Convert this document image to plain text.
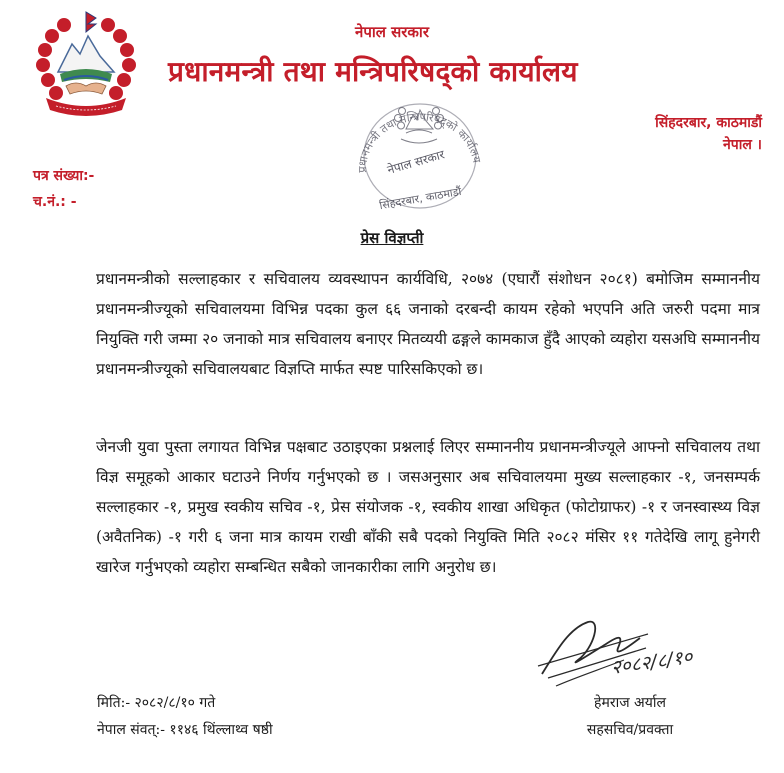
नेपाल सरकार
प्रधानमन्त्री तथा मन्त्रिपरिषद्‌को कार्यालय
सिंहदरबार, काठमाडौं
नेपाल ।
पत्र संख्या:-
च.नं.: -
प्रधानमन्त्री तथा मन्त्रिपरिषद्‌को कार्यालय
नेपाल सरकार
सिंहदरबार, काठमाडौं
प्रेस विज्ञप्ती
प्रधानमन्त्रीको सल्लाहकार र सचिवालय व्यवस्थापन कार्यविधि, २०७४ (एघारौं संशोधन २०८१) बमोजिम सम्माननीय प्रधानमन्त्रीज्यूको सचिवालयमा विभिन्न पदका कुल ६६ जनाको दरबन्दी कायम रहेको भएपनि अति जरुरी पदमा मात्र नियुक्ति गरी जम्मा २० जनाको मात्र सचिवालय बनाएर मितव्ययी ढङ्गले कामकाज हुँदै आएको व्यहोरा यसअघि सम्माननीय प्रधानमन्त्रीज्यूको सचिवालयबाट विज्ञप्ति मार्फत स्पष्ट पारिसकिएको छ।
जेनजी युवा पुस्ता लगायत विभिन्न पक्षबाट उठाइएका प्रश्नलाई लिएर सम्माननीय प्रधानमन्त्रीज्यूले आफ्नो सचिवालय तथा विज्ञ समूहको आकार घटाउने निर्णय गर्नुभएको छ । जसअनुसार अब सचिवालयमा मुख्य सल्लाहकार -१, जनसम्पर्क सल्लाहकार -१, प्रमुख स्वकीय सचिव -१, प्रेस संयोजक -१, स्वकीय शाखा अधिकृत (फोटोग्राफर) -१ र जनस्वास्थ्य विज्ञ (अवैतनिक) -१ गरी ६ जना मात्र कायम राखी बाँकी सबै पदको नियुक्ति मिति २०८२ मंसिर ११ गतेदेखि लागू हुनेगरी खारेज गर्नुभएको व्यहोरा सम्बन्धित सबैको जानकारीका लागि अनुरोध छ।
२०८२/८/१०
मिति:- २०८२/८/१० गते
नेपाल संवत्:- ११४६ थिंल्लाथ्व षष्ठी
हेमराज अर्याल
सहसचिव/प्रवक्ता
